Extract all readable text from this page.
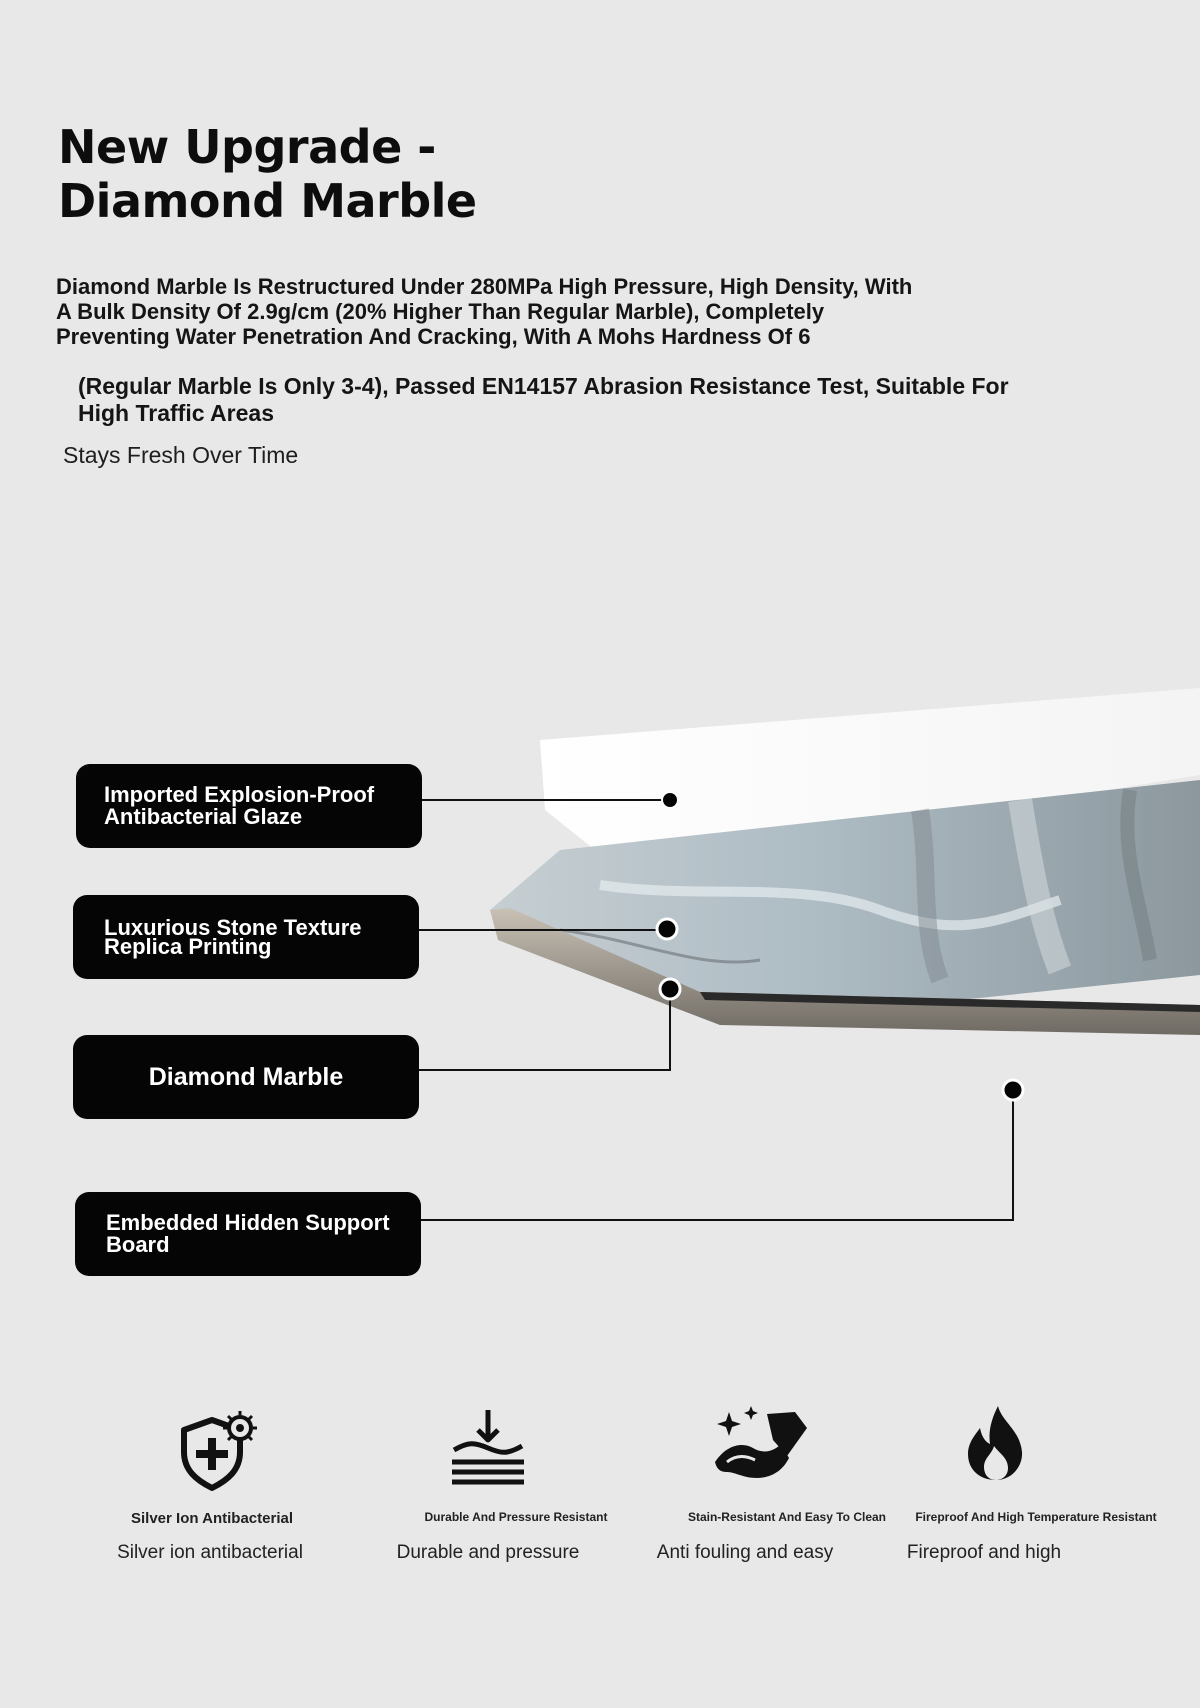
New Upgrade - Diamond Marble
Diamond Marble Is Restructured Under 280MPa High Pressure, High Density, With A Bulk Density Of 2.9g/cm (20% Higher Than Regular Marble), Completely Preventing Water Penetration And Cracking, With A Mohs Hardness Of 6
(Regular Marble Is Only 3-4), Passed EN14157 Abrasion Resistance Test, Suitable For High Traffic Areas
Stays Fresh Over Time
Imported Explosion-Proof
Antibacterial Glaze
Luxurious Stone Texture
Replica Printing
Diamond Marble
Embedded Hidden Support
Board
Silver Ion Antibacterial
Silver ion antibacterial
Durable And Pressure Resistant
Durable and pressure
Stain-Resistant And Easy To Clean
Anti fouling and easy
Fireproof And High Temperature Resistant
Fireproof and high
